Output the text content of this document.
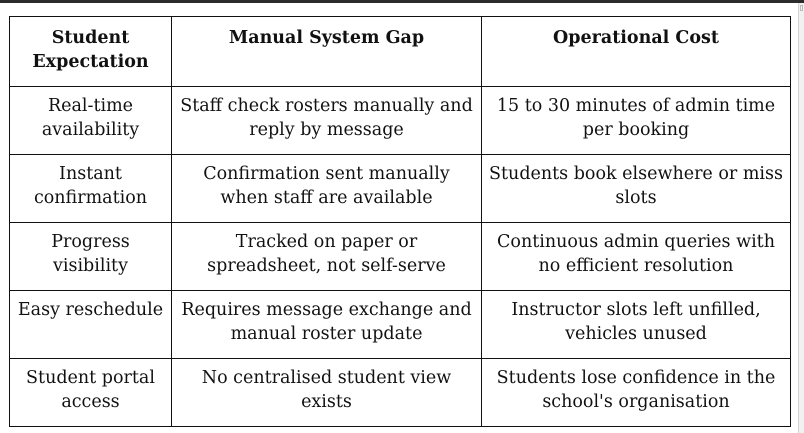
Student Expectation	Manual System Gap	Operational Cost
Real-time availability	Staff check rosters manually and reply by message	15 to 30 minutes of admin time per booking
Instant confirmation	Confirmation sent manually when staff are available	Students book elsewhere or miss slots
Progress visibility	Tracked on paper or spreadsheet, not self-serve	Continuous admin queries with no efficient resolution
Easy reschedule	Requires message exchange and manual roster update	Instructor slots left unfilled, vehicles unused
Student portal access	No centralised student view exists	Students lose confidence in the school's organisation
